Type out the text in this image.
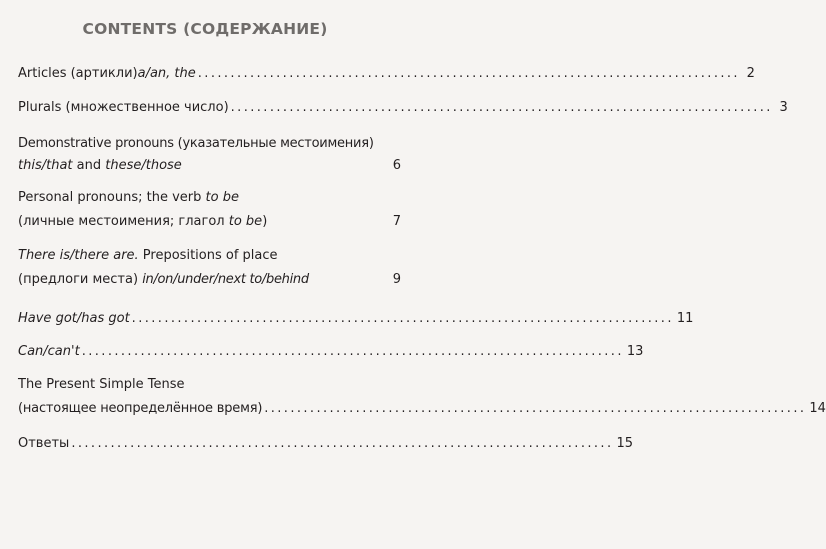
CONTENTS (СОДЕРЖАНИЕ)
Articles (артикли) a/an, the ................................................................................... 2
Plurals (множественное число) ................................................................................... 3
Demonstrative pronouns (указательные местоимения)
this/that and these/those	6
Personal pronouns; the verb to be
(личные местоимения; глагол to be )	7
There is/there are. Prepositions of place
(предлоги места) in/on/under/next to/behind	9
Have got/has got ................................................................................... 11
Can/can't ................................................................................... 13
The Present Simple Tense
(настоящее неопределённое время) ................................................................................... 14
Ответы ................................................................................... 15
